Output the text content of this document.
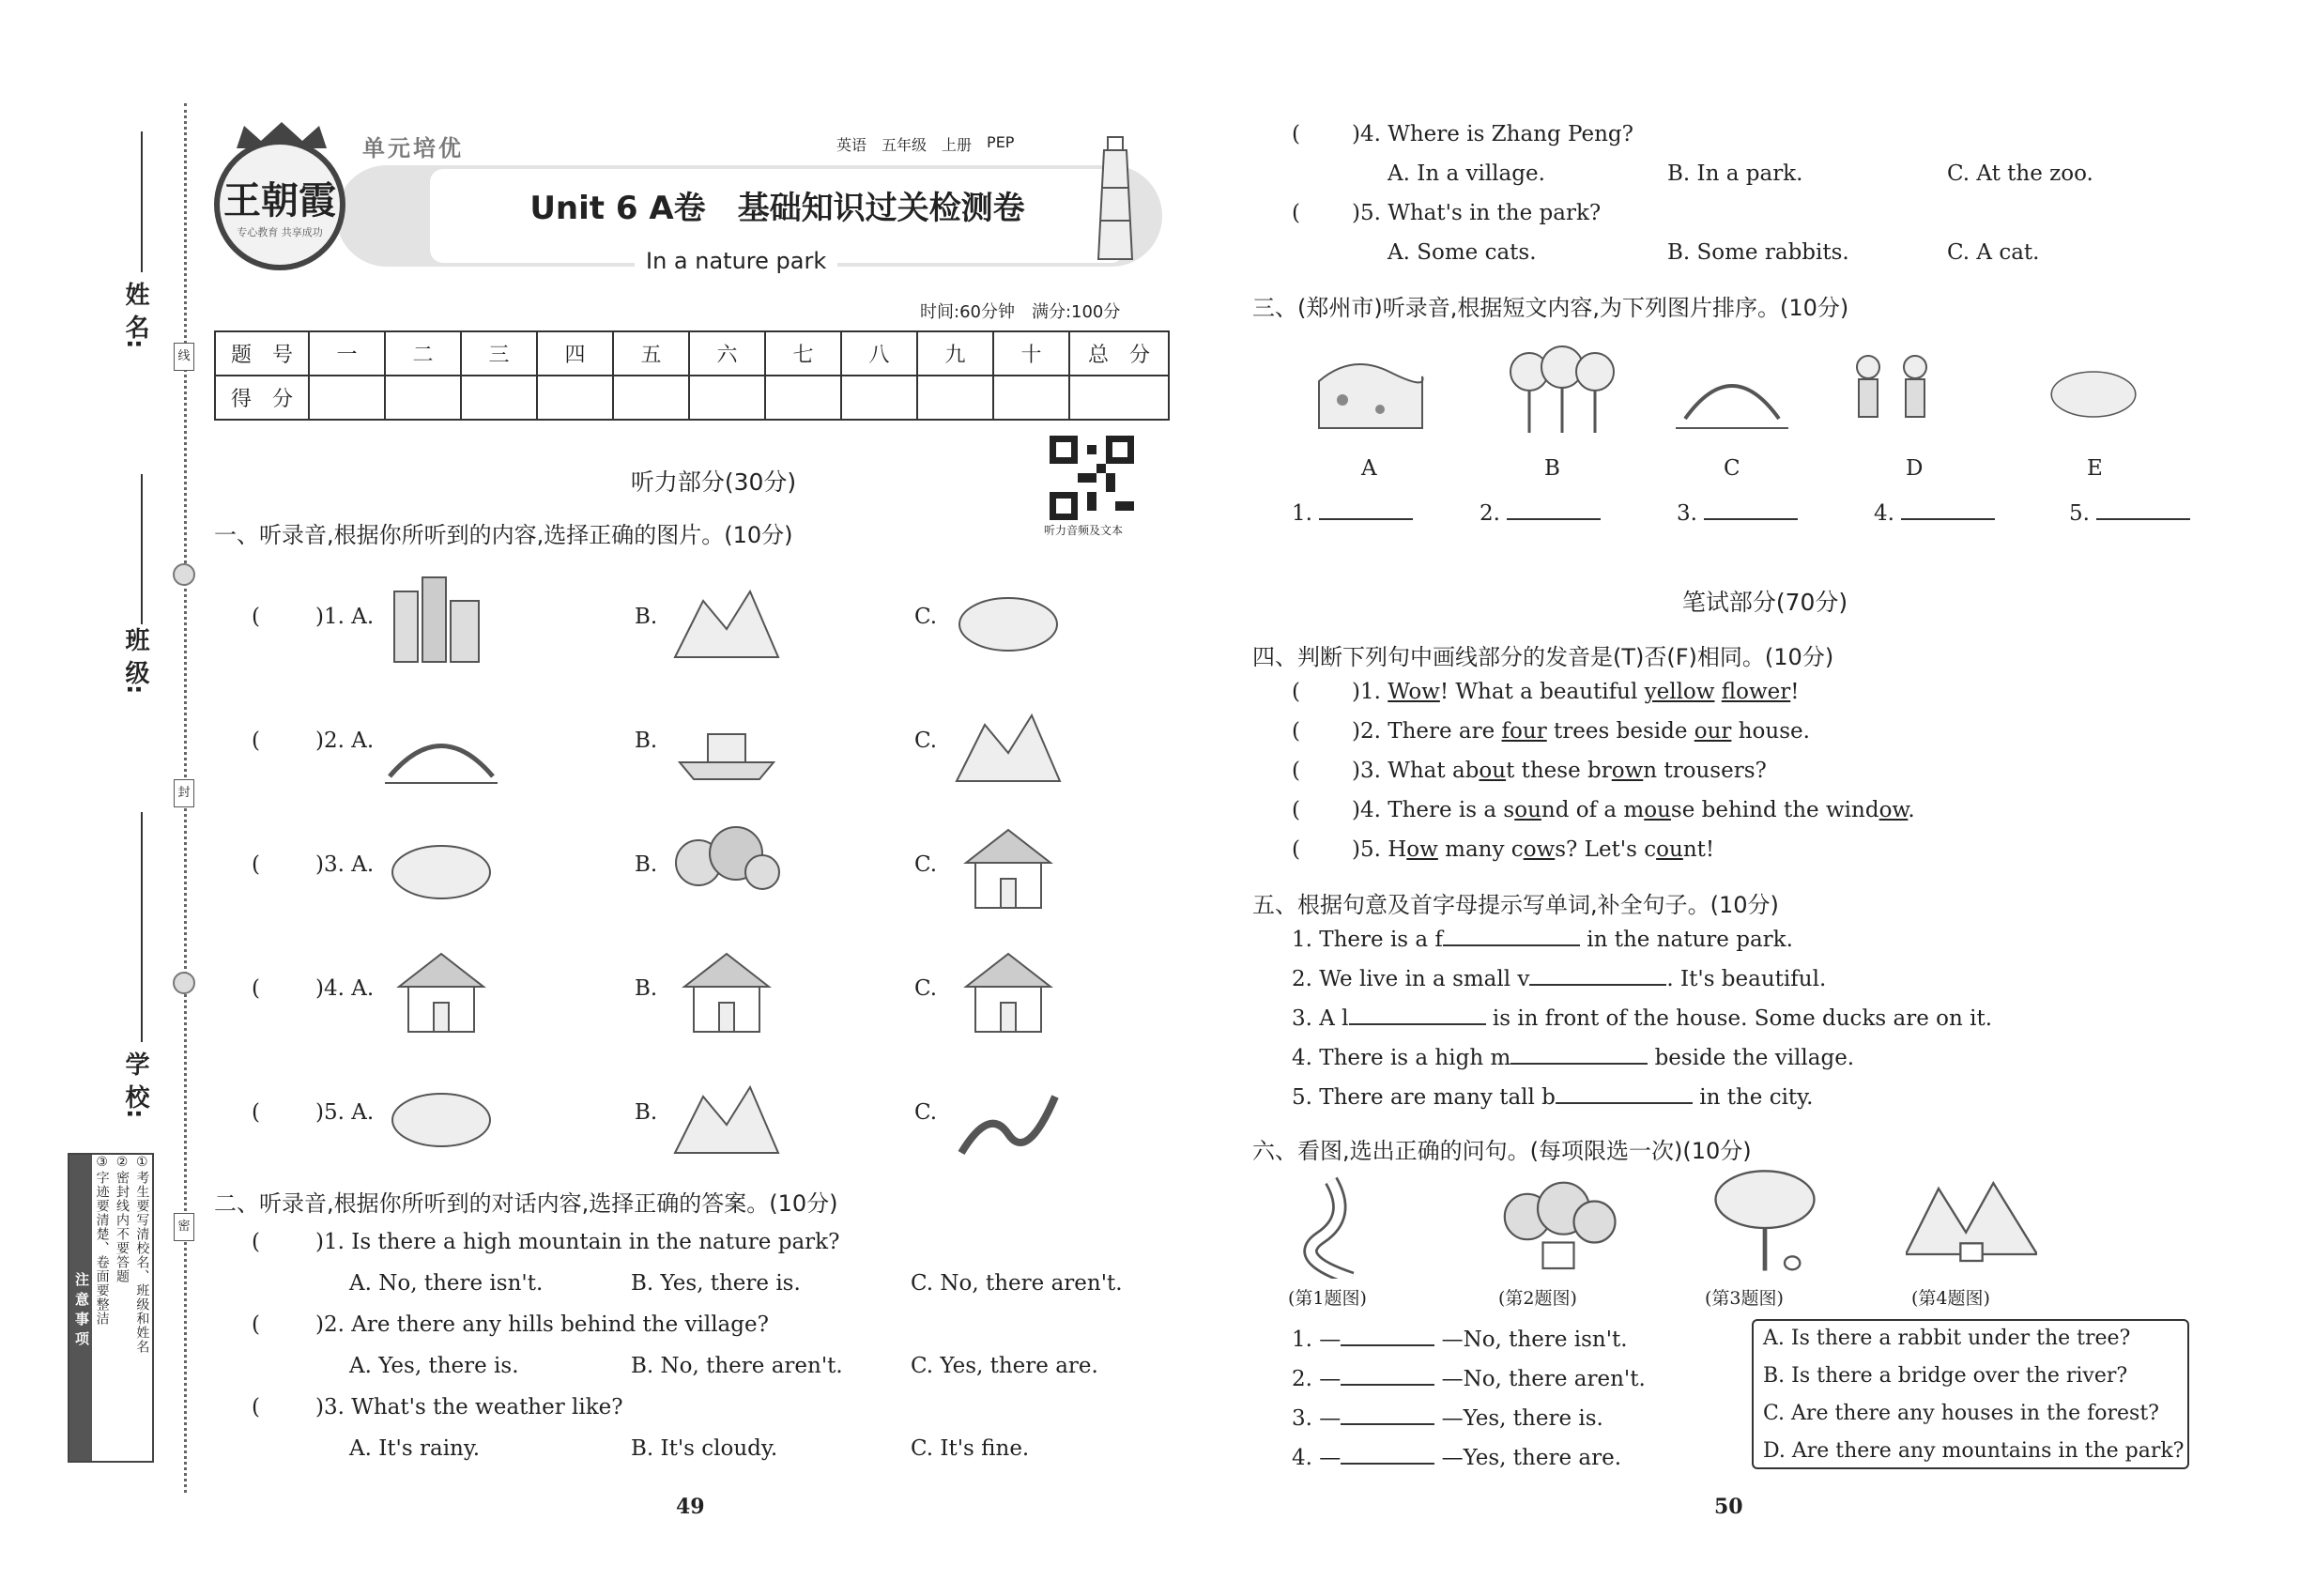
姓 名:
班 级:
学 校:
线
封
密
注意事项	①考生要写清校名、班级和姓名
②密封线内不要答题
③字迹要清楚、卷面要整洁
王朝霞
专心教育 共享成功
单元培优	英语 五年级 上册 PEP
Unit 6 A卷　基础知识过关检测卷
In a nature park
时间:60分钟　满分:100分
题　号	一	二	三	四	五	六	七	八	九	十	总　分
得　分											
听力部分(30分)
听力音频及文本
一、听录音,根据你所听到的内容,选择正确的图片。(10分)
(	)1. A.	B.	C.
(	)2. A.	B.	C.
(	)3. A.	B.	C.
(	)4. A.	B.	C.
(	)5. A.	B.	C.
二、听录音,根据你所听到的对话内容,选择正确的答案。(10分)
(	)1. Is there a high mountain in the nature park?
A. No, there isn't.	B. Yes, there is.	C. No, there aren't.
(	)2. Are there any hills behind the village?
A. Yes, there is.	B. No, there aren't.	C. Yes, there are.
(	)3. What's the weather like?
A. It's rainy.	B. It's cloudy.	C. It's fine.
49
( )4. Where is Zhang Peng?
A. In a village.	B. In a park.	C. At the zoo.
( )5. What's in the park?
A. Some cats.	B. Some rabbits.	C. A cat.
三、(郑州市)听录音,根据短文内容,为下列图片排序。(10分)
A	B	C	D	E
1.	2.	3.	4.	5.
笔试部分(70分)
四、判断下列句中画线部分的发音是(T)否(F)相同。(10分)
( )1. Wow! What a beautiful yellow flower!
( )2. There are four trees beside our house.
( )3. What about these brown trousers?
( )4. There is a sound of a mouse behind the window.
( )5. How many cows? Let's count!
五、根据句意及首字母提示写单词,补全句子。(10分)
1. There is a f	in the nature park.
2. We live in a small v	. It's beautiful.
3. A l	is in front of the house. Some ducks are on it.
4. There is a high m	beside the village.
5. There are many tall b	in the city.
六、看图,选出正确的问句。(每项限选一次)(10分)
(第1题图)	(第2题图)	(第3题图)	(第4题图)
1. —	—No, there isn't.
2. —	—No, there aren't.
3. —	—Yes, there is.
4. —	—Yes, there are.
A. Is there a rabbit under the tree?
B. Is there a bridge over the river?
C. Are there any houses in the forest?
D. Are there any mountains in the park?
50
